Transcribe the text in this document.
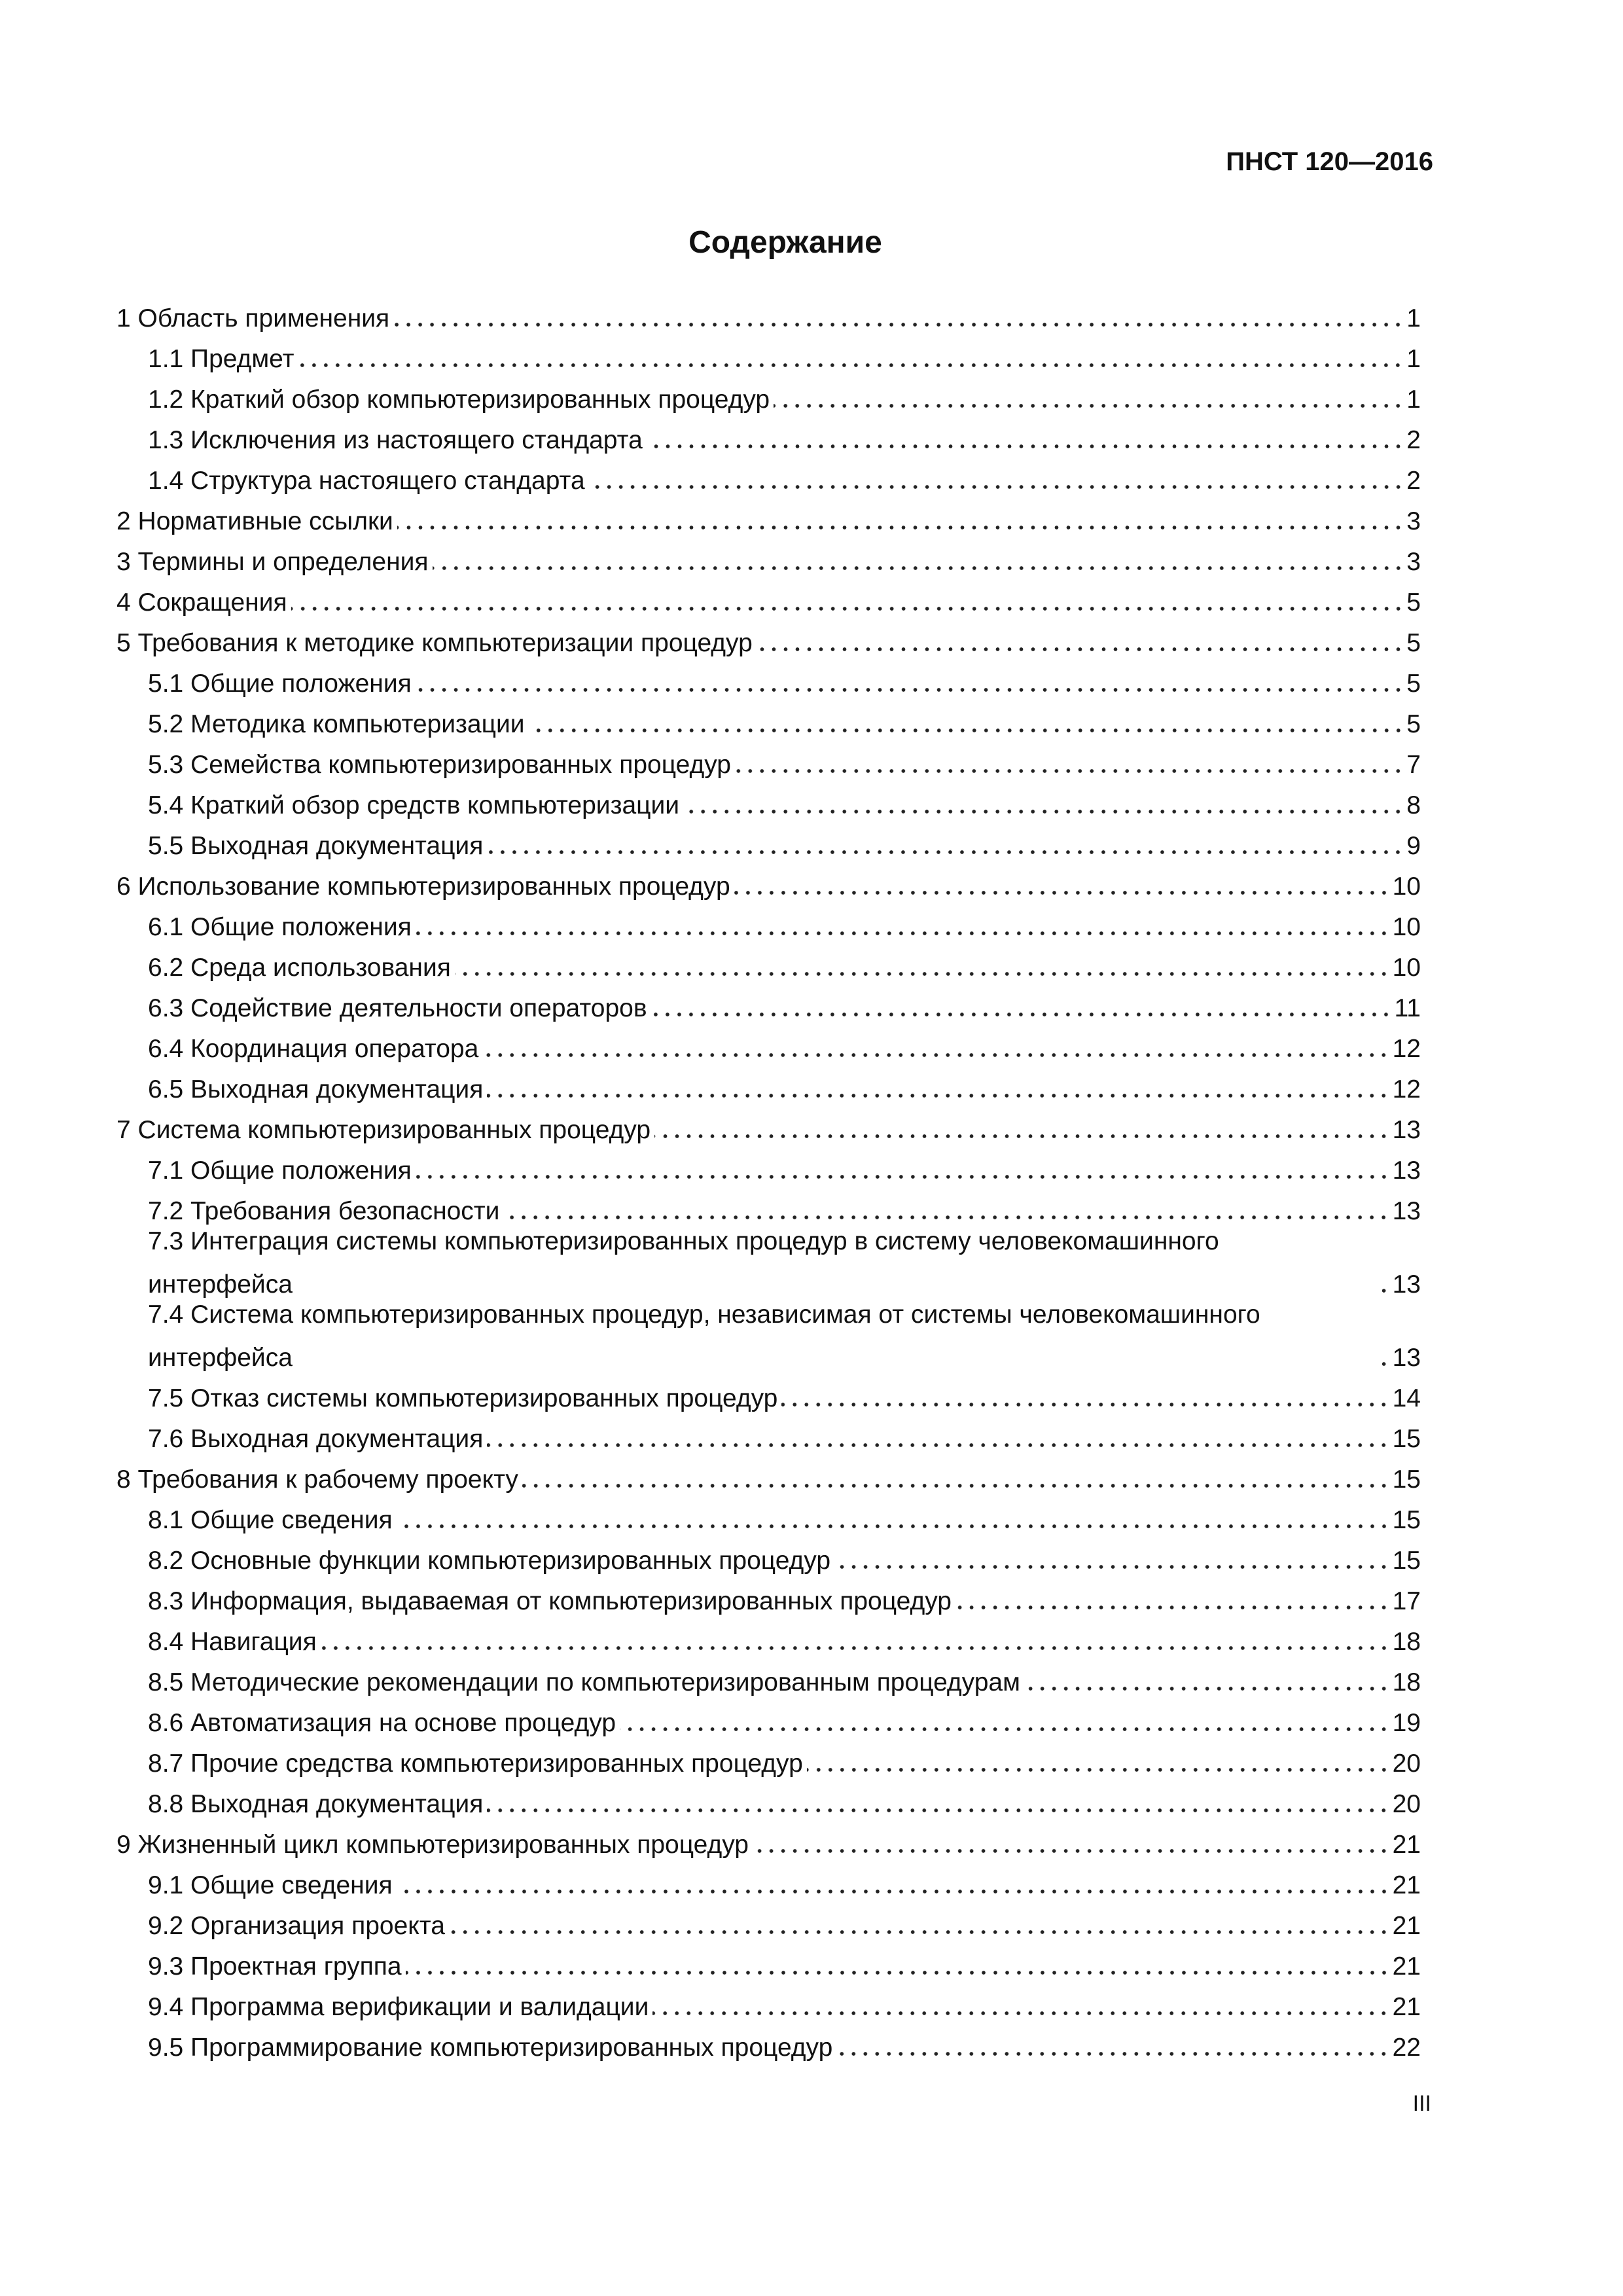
ПНСТ 120—2016
Содержание
1 Область применения	1
1.1 Предмет	1
1.2 Краткий обзор компьютеризированных процедур	1
1.3 Исключения из настоящего стандарта	2
1.4 Структура настоящего стандарта	2
2 Нормативные ссылки	3
3 Термины и определения	3
4 Сокращения	5
5 Требования к методике компьютеризации процедур	5
5.1 Общие положения	5
5.2 Методика компьютеризации	5
5.3 Семейства компьютеризированных процедур	7
5.4 Краткий обзор средств компьютеризации	8
5.5 Выходная документация	9
6 Использование компьютеризированных процедур	10
6.1 Общие положения	10
6.2 Среда использования	10
6.3 Содействие деятельности операторов	11
6.4 Координация оператора	12
6.5 Выходная документация	12
7 Система компьютеризированных процедур	13
7.1 Общие положения	13
7.2 Требования безопасности	13
7.3 Интеграция системы компьютеризированных процедур в систему человекомашинного
интерфейса	13
7.4 Система компьютеризированных процедур, независимая от системы человекомашинного
интерфейса	13
7.5 Отказ системы компьютеризированных процедур	14
7.6 Выходная документация	15
8 Требования к рабочему проекту	15
8.1 Общие сведения	15
8.2 Основные функции компьютеризированных процедур	15
8.3 Информация, выдаваемая от компьютеризированных процедур	17
8.4 Навигация	18
8.5 Методические рекомендации по компьютеризированным процедурам	18
8.6 Автоматизация на основе процедур	19
8.7 Прочие средства компьютеризированных процедур	20
8.8 Выходная документация	20
9 Жизненный цикл компьютеризированных процедур	21
9.1 Общие сведения	21
9.2 Организация проекта	21
9.3 Проектная группа	21
9.4 Программа верификации и валидации	21
9.5 Программирование компьютеризированных процедур	22
III
